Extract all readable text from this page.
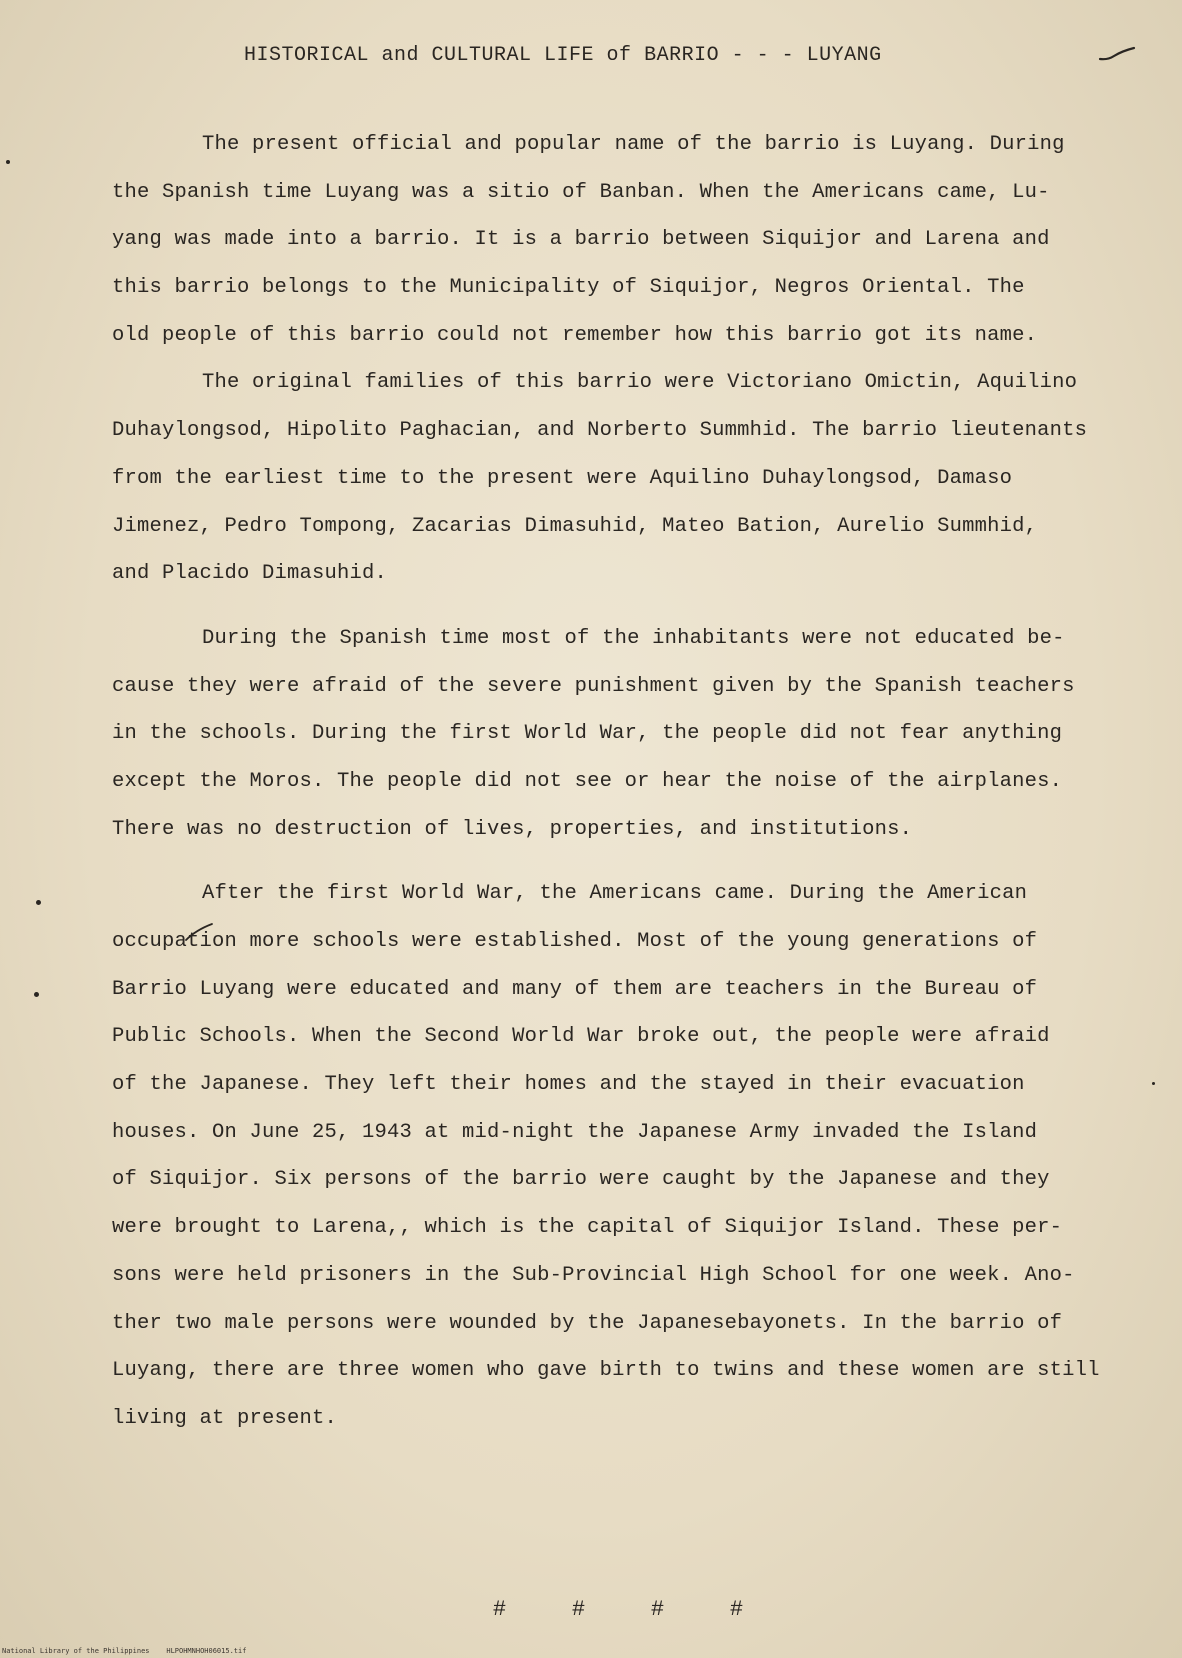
HISTORICAL and CULTURAL LIFE of BARRIO - - - LUYANG
The present official and popular name of the barrio is Luyang. During
the Spanish time Luyang was a sitio of Banban. When the Americans came, Lu-
yang was made into a barrio. It is a barrio between Siquijor and Larena and
this barrio belongs to the Municipality of Siquijor, Negros Oriental. The
old people of this barrio could not remember how this barrio got its name.
The original families of this barrio were Victoriano Omictin, Aquilino
Duhaylongsod, Hipolito Paghacian, and Norberto Summhid. The barrio lieutenants
from the earliest time to the present were Aquilino Duhaylongsod, Damaso
Jimenez, Pedro Tompong, Zacarias Dimasuhid, Mateo Bation, Aurelio Summhid,
and Placido Dimasuhid.
During the Spanish time most of the inhabitants were not educated be-
cause they were afraid of the severe punishment given by the Spanish teachers
in the schools. During the first World War, the people did not fear anything
except the Moros. The people did not see or hear the noise of the airplanes.
There was no destruction of lives, properties, and institutions.
After the first World War, the Americans came. During the American
occupation more schools were established. Most of the young generations of
Barrio Luyang were educated and many of them are teachers in the Bureau of
Public Schools. When the Second World War broke out, the people were afraid
of the Japanese. They left their homes and the stayed in their evacuation
houses. On June 25, 1943 at mid-night the Japanese Army invaded the Island
of Siquijor. Six persons of the barrio were caught by the Japanese and they
were brought to Larena,, which is the capital of Siquijor Island. These per-
sons were held prisoners in the Sub-Provincial High School for one week. Ano-
ther two male persons were wounded by the Japanesebayonets. In the barrio of
Luyang, there are three women who gave birth to twins and these women are still
living at present.

#	#	#	#

National Library of the Philippines    HLPOHMNHOH06015.tif
